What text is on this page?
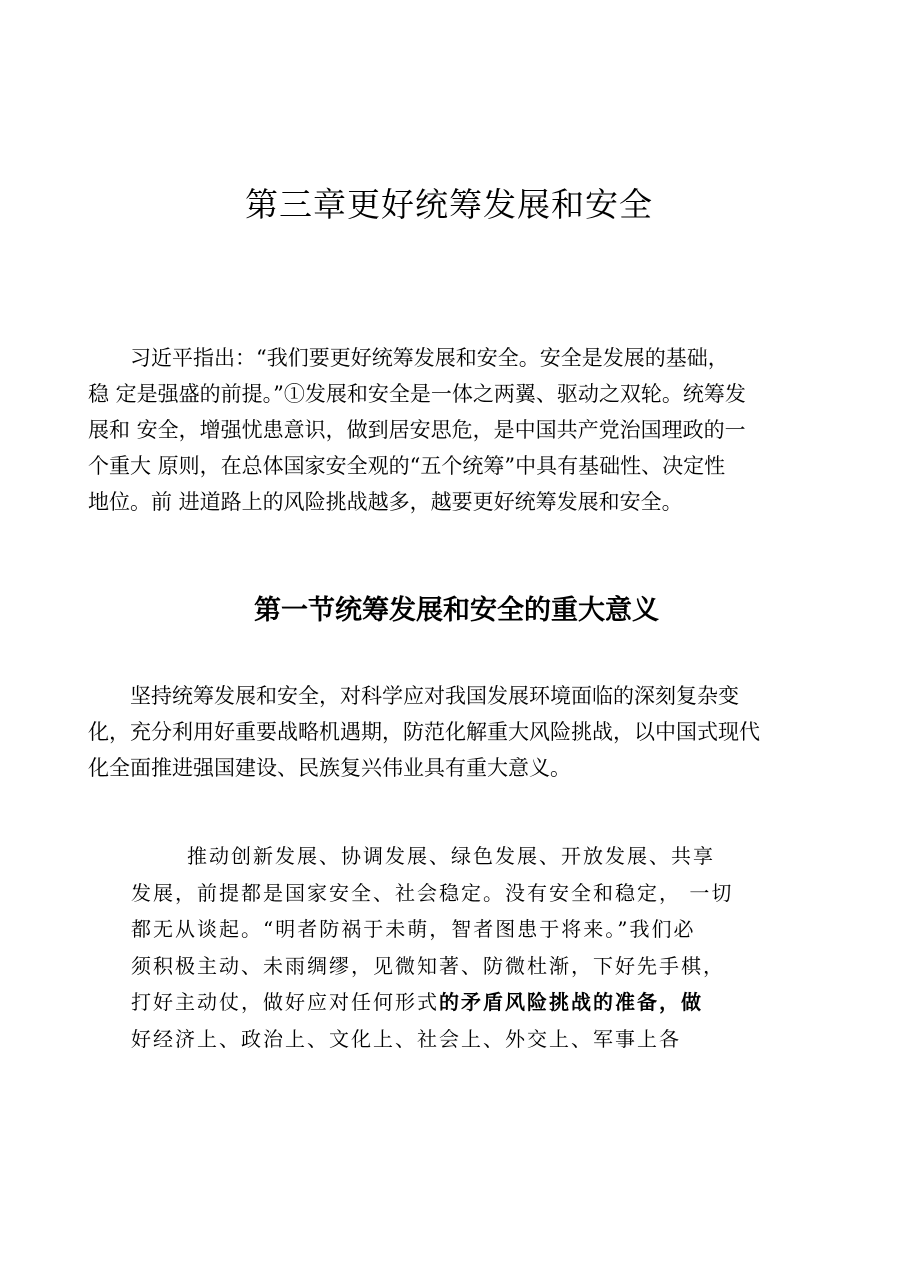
第三章更好统筹发展和安全
习近平指出：“我们要更好统筹发展和安全。安全是发展的基础，
稳 定是强盛的前提。”①发展和安全是一体之两翼、驱动之双轮。统筹发
展和 安全，增强忧患意识，做到居安思危，是中国共产党治国理政的一
个重大 原则，在总体国家安全观的“五个统筹”中具有基础性、决定性
地位。前 进道路上的风险挑战越多，越要更好统筹发展和安全。
第一节统筹发展和安全的重大意义
坚持统筹发展和安全，对科学应对我国发展环境面临的深刻复杂变
化，充分利用好重要战略机遇期，防范化解重大风险挑战，以中国式现代
化全面推进强国建设、民族复兴伟业具有重大意义。
推动创新发展、协调发展、绿色发展、开放发展、共享
发展，前提都是国家安全、社会稳定。没有安全和稳定， 一切
都无从谈起。“明者防祸于未萌，智者图患于将来。”我们必
须积极主动、未雨绸缪，见微知著、防微杜渐，下好先手棋，
打好主动仗，做好应对任何形式的矛盾风险挑战的准备，做
好经济上、政治上、文化上、社会上、外交上、军事上各
